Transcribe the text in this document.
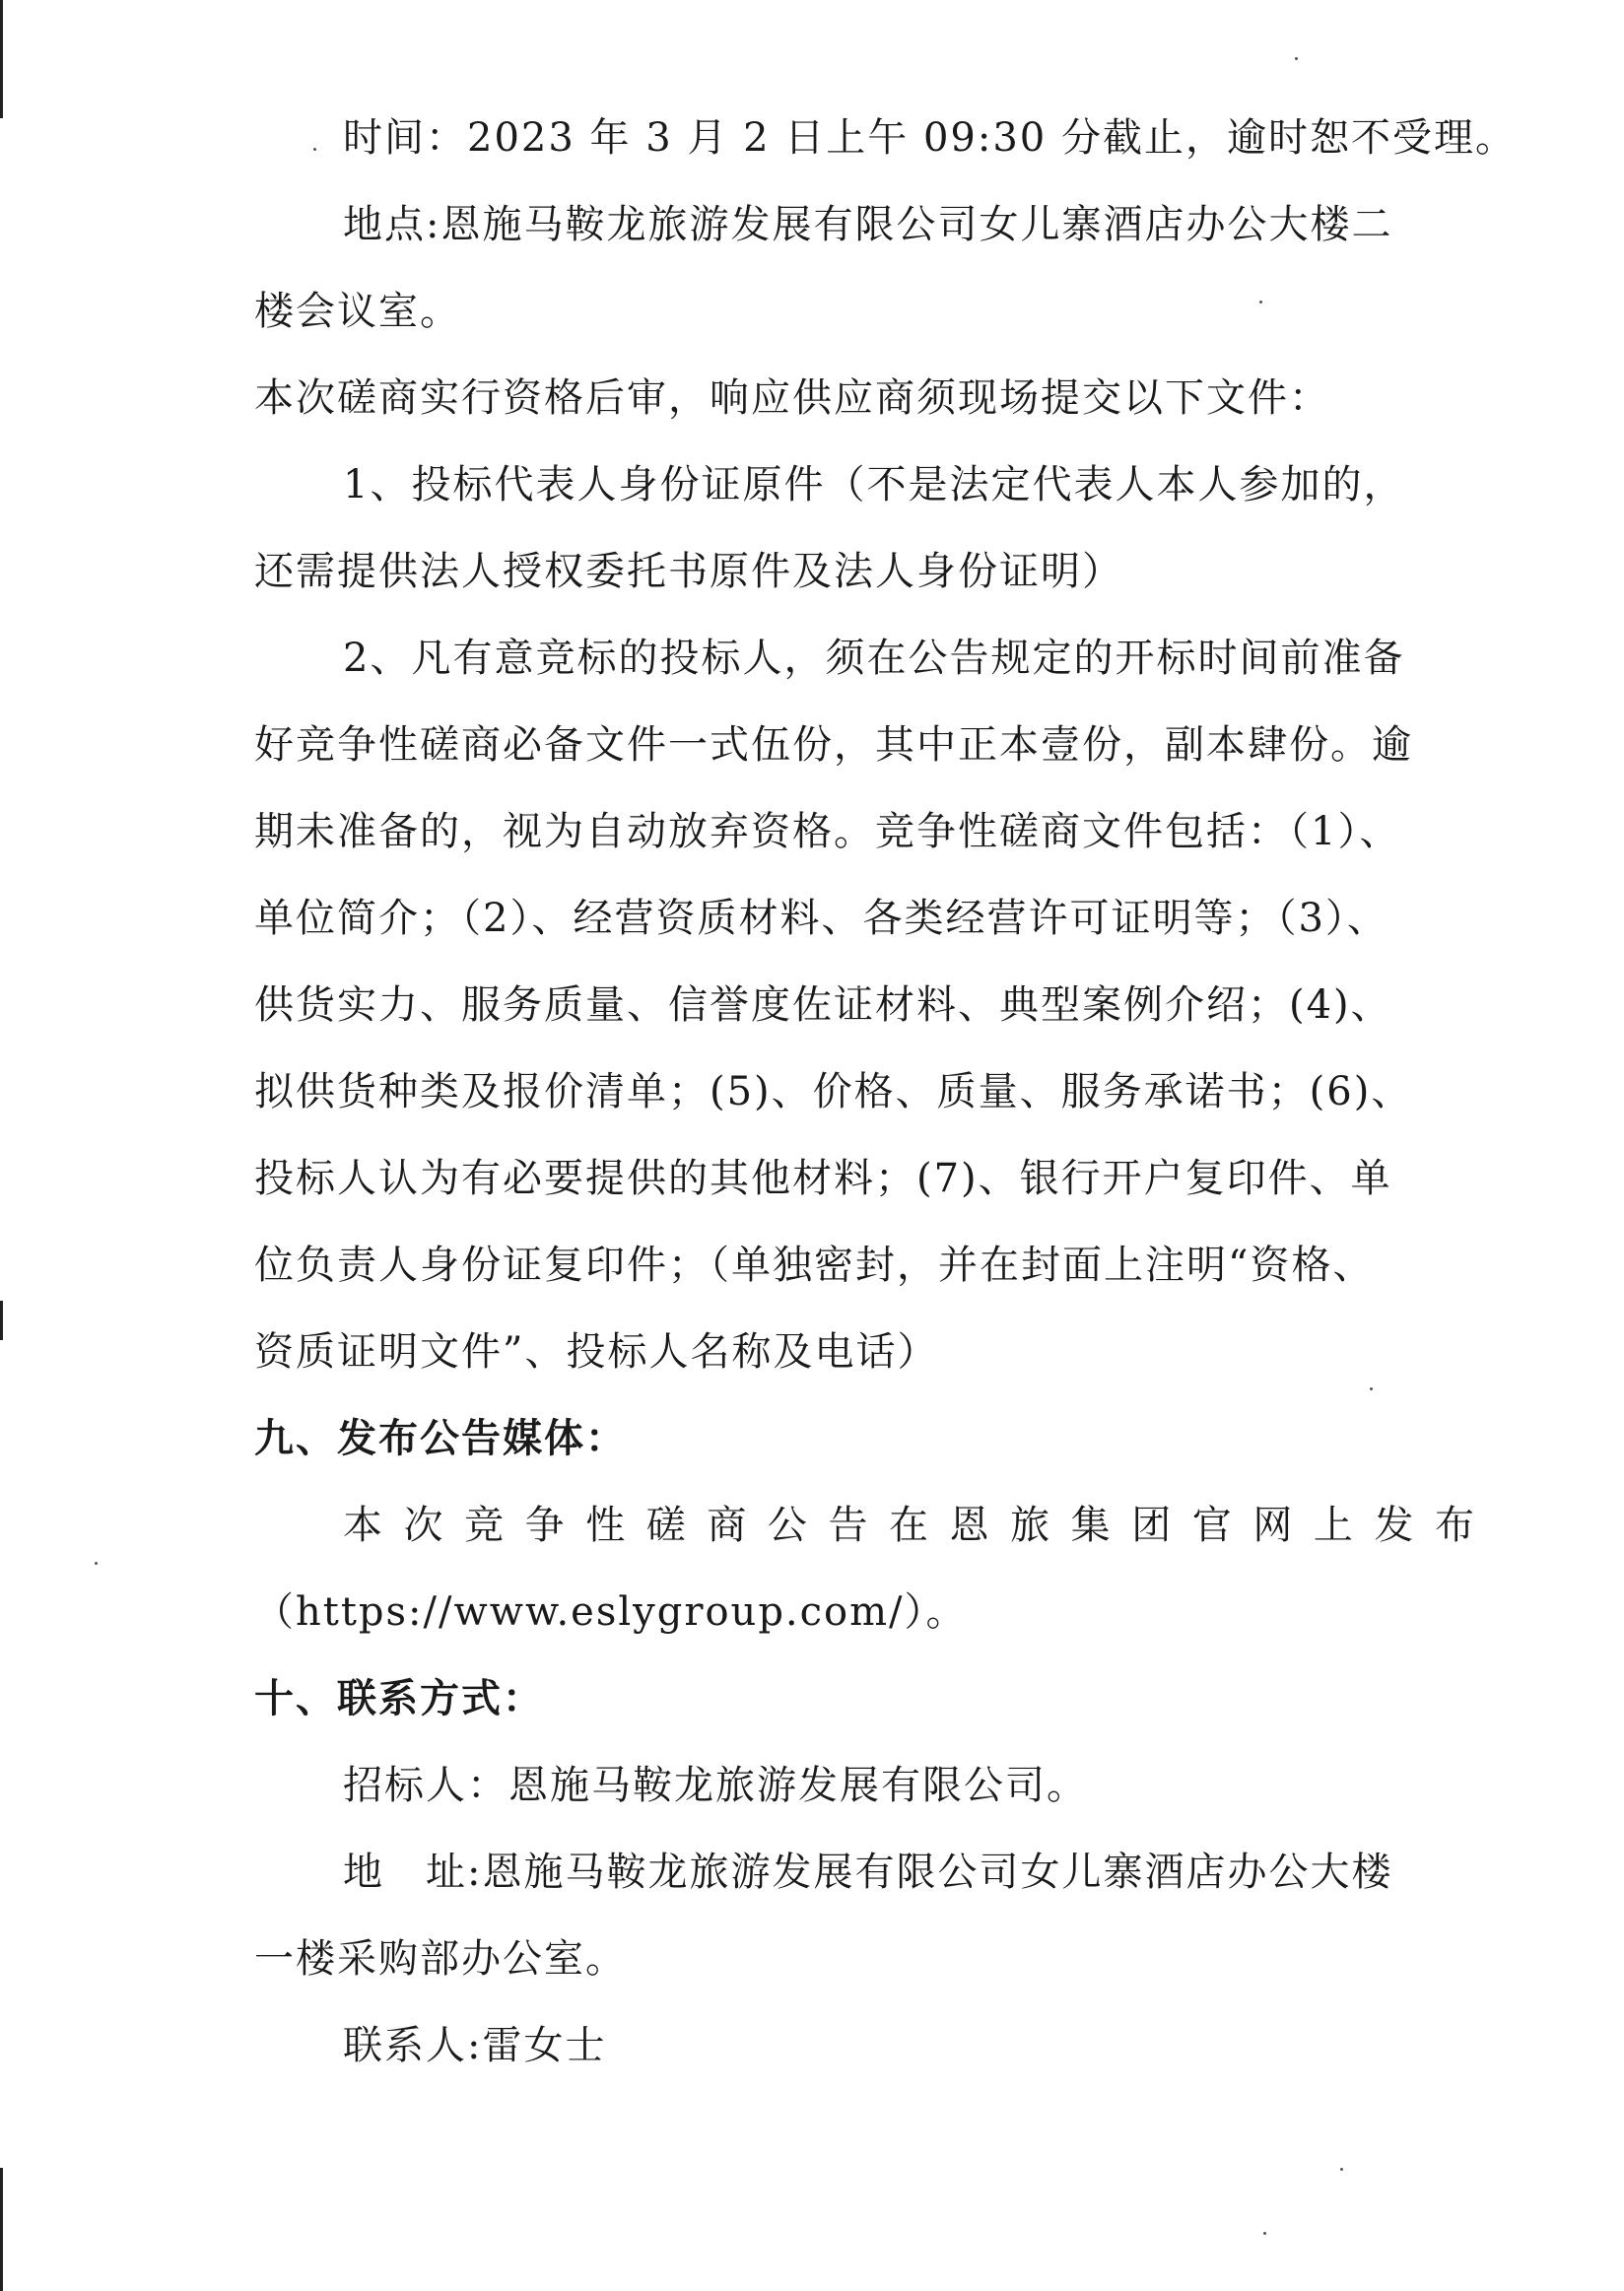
时间：2023 年 3 月 2 日上午 09:30 分截止，逾时恕不受理。
地点:恩施马鞍龙旅游发展有限公司女儿寨酒店办公大楼二
楼会议室。
本次磋商实行资格后审，响应供应商须现场提交以下文件：
1、投标代表人身份证原件（不是法定代表人本人参加的，
还需提供法人授权委托书原件及法人身份证明）
2、凡有意竞标的投标人，须在公告规定的开标时间前准备
好竞争性磋商必备文件一式伍份，其中正本壹份，副本肆份。逾
期未准备的，视为自动放弃资格。竞争性磋商文件包括：（1）、
单位简介；（2）、经营资质材料、各类经营许可证明等；（3）、
供货实力、服务质量、信誉度佐证材料、典型案例介绍；(4)、
拟供货种类及报价清单；(5)、价格、质量、服务承诺书；(6)、
投标人认为有必要提供的其他材料；(7)、银行开户复印件、单
位负责人身份证复印件；（单独密封，并在封面上注明“资格、
资质证明文件”、投标人名称及电话）
九、发布公告媒体：
本次竞争性磋商公告在恩旅集团官网上发布
（https://www.eslygroup.com/）。
十、联系方式：
招标人：恩施马鞍龙旅游发展有限公司。
地　址:恩施马鞍龙旅游发展有限公司女儿寨酒店办公大楼
一楼采购部办公室。
联系人:雷女士
